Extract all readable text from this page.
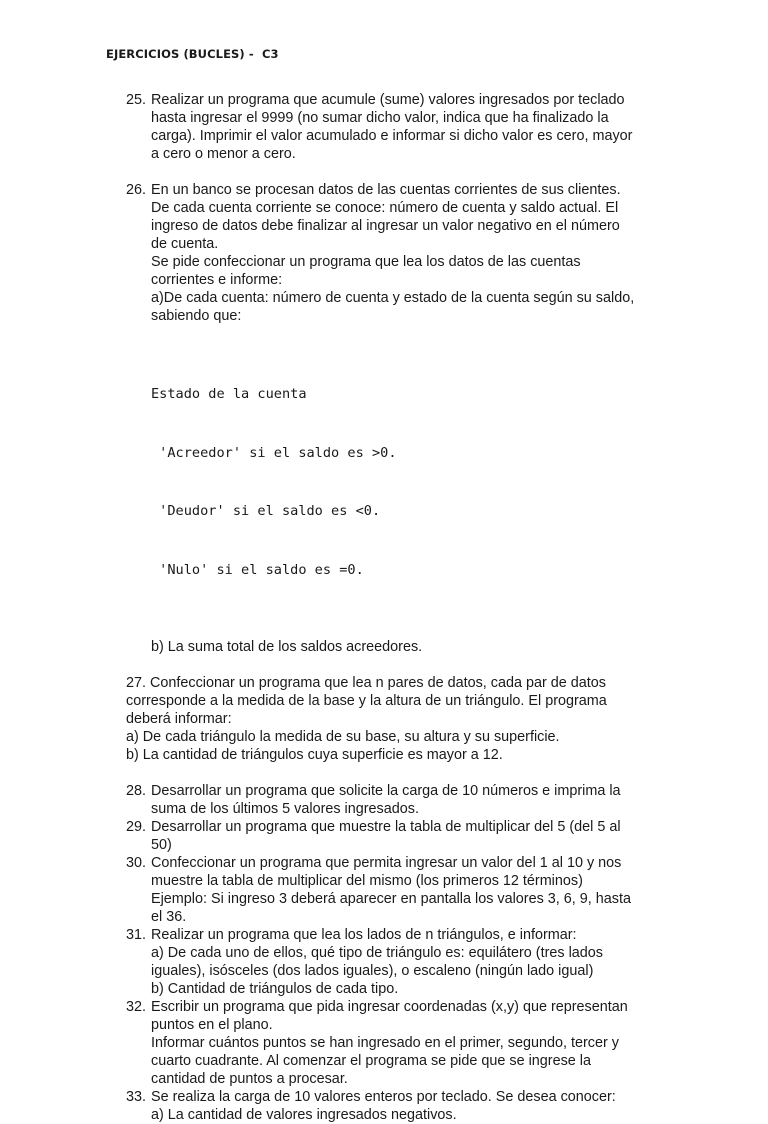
EJERCICIOS (BUCLES) -  C3
25. Realizar un programa que acumule (sume) valores ingresados por teclado
hasta ingresar el 9999 (no sumar dicho valor, indica que ha finalizado la
carga). Imprimir el valor acumulado e informar si dicho valor es cero, mayor
a cero o menor a cero.
26. En un banco se procesan datos de las cuentas corrientes de sus clientes.
De cada cuenta corriente se conoce: número de cuenta y saldo actual. El
ingreso de datos debe finalizar al ingresar un valor negativo en el número
de cuenta.
Se pide confeccionar un programa que lea los datos de las cuentas
corrientes e informe:
a)De cada cuenta: número de cuenta y estado de la cuenta según su saldo,
sabiendo que:

Estado de la cuenta

'Acreedor' si el saldo es >0.

'Deudor' si el saldo es <0.

'Nulo' si el saldo es =0.

b) La suma total de los saldos acreedores.
27. Confeccionar un programa que lea n pares de datos, cada par de datos
corresponde a la medida de la base y la altura de un triángulo. El programa
deberá informar:
a) De cada triángulo la medida de su base, su altura y su superficie.
b) La cantidad de triángulos cuya superficie es mayor a 12.
28. Desarrollar un programa que solicite la carga de 10 números e imprima la
suma de los últimos 5 valores ingresados.
29. Desarrollar un programa que muestre la tabla de multiplicar del 5 (del 5 al
50)
30. Confeccionar un programa que permita ingresar un valor del 1 al 10 y nos
muestre la tabla de multiplicar del mismo (los primeros 12 términos)
Ejemplo: Si ingreso 3 deberá aparecer en pantalla los valores 3, 6, 9, hasta
el 36.
31. Realizar un programa que lea los lados de n triángulos, e informar:
a) De cada uno de ellos, qué tipo de triángulo es: equilátero (tres lados
iguales), isósceles (dos lados iguales), o escaleno (ningún lado igual)
b) Cantidad de triángulos de cada tipo.
32. Escribir un programa que pida ingresar coordenadas (x,y) que representan
puntos en el plano.
Informar cuántos puntos se han ingresado en el primer, segundo, tercer y
cuarto cuadrante. Al comenzar el programa se pide que se ingrese la
cantidad de puntos a procesar.
33. Se realiza la carga de 10 valores enteros por teclado. Se desea conocer:
a) La cantidad de valores ingresados negativos.
